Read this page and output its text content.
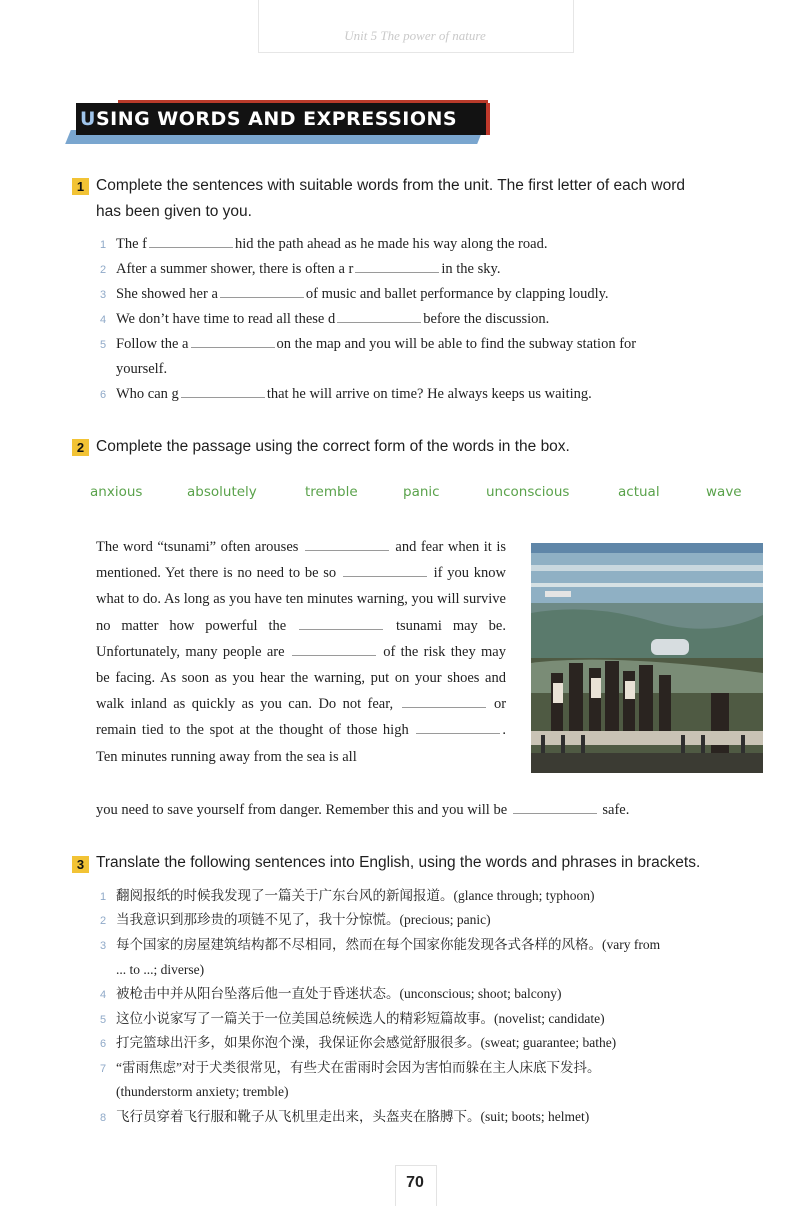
Unit 5 The power of nature
USING WORDS AND EXPRESSIONS
1 Complete the sentences with suitable words from the unit. The first letter of each word
has been given to you.
1 The f	hid the path ahead as he made his way along the road.
2 After a summer shower, there is often a r	in the sky.
3 She showed her a	of music and ballet performance by clapping loudly.
4 We don’t have time to read all these d	before the discussion.
5 Follow the a	on the map and you will be able to find the subway station for
yourself.
6 Who can g	that he will arrive on time? He always keeps us waiting.
2 Complete the passage using the correct form of the words in the box.
anxious	absolutely	tremble	panic	unconscious	actual	wave
The word “tsunami” often arouses	and fear when it is mentioned. Yet there is no need to be so	if you know what to do. As long as you have ten minutes warning, you will survive no matter how powerful the	tsunami may be. Unfortunately, many people are	of the risk they may be facing. As soon as you hear the warning, put on your shoes and walk inland as quickly as you can. Do not fear,	or remain tied to the spot at the thought of those high	. Ten minutes running away from the sea is all
you need to save yourself from danger. Remember this and you will be	safe.
3 Translate the following sentences into English, using the words and phrases in brackets.
1 翻阅报纸的时候我发现了一篇关于广东台风的新闻报道。(glance through; typhoon)
2 当我意识到那珍贵的项链不见了，我十分惊慌。(precious; panic)
3 每个国家的房屋建筑结构都不尽相同，然而在每个国家你能发现各式各样的风格。(vary from
... to ...; diverse)
4 被枪击中并从阳台坠落后他一直处于昏迷状态。(unconscious; shoot; balcony)
5 这位小说家写了一篇关于一位美国总统候选人的精彩短篇故事。(novelist; candidate)
6 打完篮球出汗多，如果你泡个澡，我保证你会感觉舒服很多。(sweat; guarantee; bathe)
7 “雷雨焦虑”对于犬类很常见，有些犬在雷雨时会因为害怕而躲在主人床底下发抖。
(thunderstorm anxiety; tremble)
8 飞行员穿着飞行服和靴子从飞机里走出来，头盔夹在胳膊下。(suit; boots; helmet)
70
